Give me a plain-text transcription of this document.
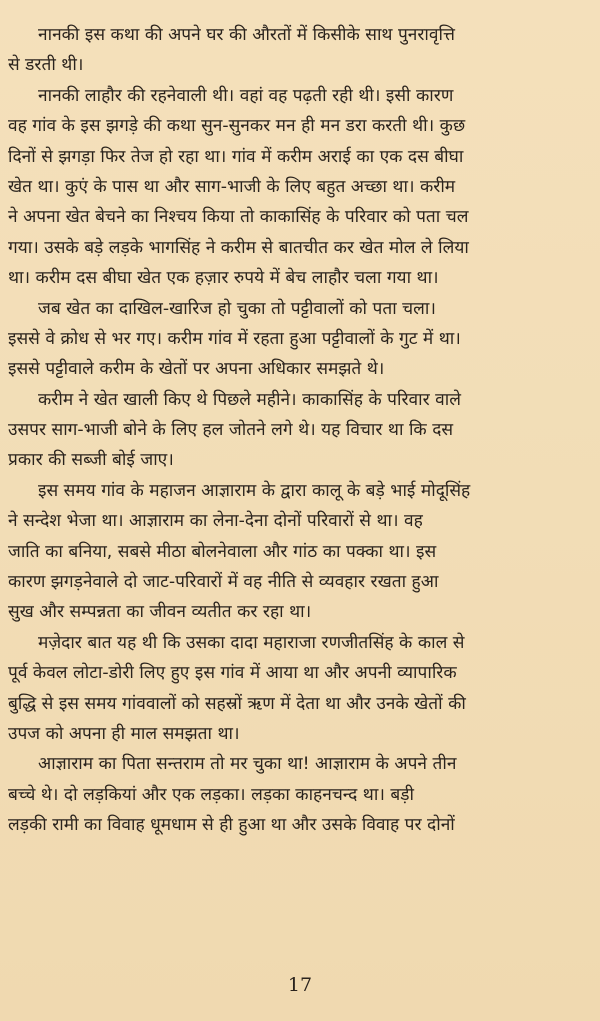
नानकी इस कथा की अपने घर की औरतों में किसीके साथ पुनरावृत्ति
से डरती थी।
नानकी लाहौर की रहनेवाली थी। वहां वह पढ़ती रही थी। इसी कारण
वह गांव के इस झगड़े की कथा सुन-सुनकर मन ही मन डरा करती थी। कुछ
दिनों से झगड़ा फिर तेज हो रहा था। गांव में करीम अराई का एक दस बीघा
खेत था। कुएं के पास था और साग-भाजी के लिए बहुत अच्छा था। करीम
ने अपना खेत बेचने का निश्चय किया तो काकासिंह के परिवार को पता चल
गया। उसके बड़े लड़के भागसिंह ने करीम से बातचीत कर खेत मोल ले लिया
था। करीम दस बीघा खेत एक हज़ार रुपये में बेच लाहौर चला गया था।
जब खेत का दाखिल-खारिज हो चुका तो पट्टीवालों को पता चला।
इससे वे क्रोध से भर गए। करीम गांव में रहता हुआ पट्टीवालों के गुट में था।
इससे पट्टीवाले करीम के खेतों पर अपना अधिकार समझते थे।
करीम ने खेत खाली किए थे पिछले महीने। काकासिंह के परिवार वाले
उसपर साग-भाजी बोने के लिए हल जोतने लगे थे। यह विचार था कि दस
प्रकार की सब्जी बोई जाए।
इस समय गांव के महाजन आज्ञाराम के द्वारा कालू के बड़े भाई मोदूसिंह
ने सन्देश भेजा था। आज्ञाराम का लेना-देना दोनों परिवारों से था। वह
जाति का बनिया, सबसे मीठा बोलनेवाला और गांठ का पक्का था। इस
कारण झगड़नेवाले दो जाट-परिवारों में वह नीति से व्यवहार रखता हुआ
सुख और सम्पन्नता का जीवन व्यतीत कर रहा था।
मज़ेदार बात यह थी कि उसका दादा महाराजा रणजीतसिंह के काल से
पूर्व केवल लोटा-डोरी लिए हुए इस गांव में आया था और अपनी व्यापारिक
बुद्धि से इस समय गांववालों को सहस्रों ऋण में देता था और उनके खेतों की
उपज को अपना ही माल समझता था।
आज्ञाराम का पिता सन्तराम तो मर चुका था! आज्ञाराम के अपने तीन
बच्चे थे। दो लड़कियां और एक लड़का। लड़का काहनचन्द था। बड़ी
लड़की रामी का विवाह धूमधाम से ही हुआ था और उसके विवाह पर दोनों
17
